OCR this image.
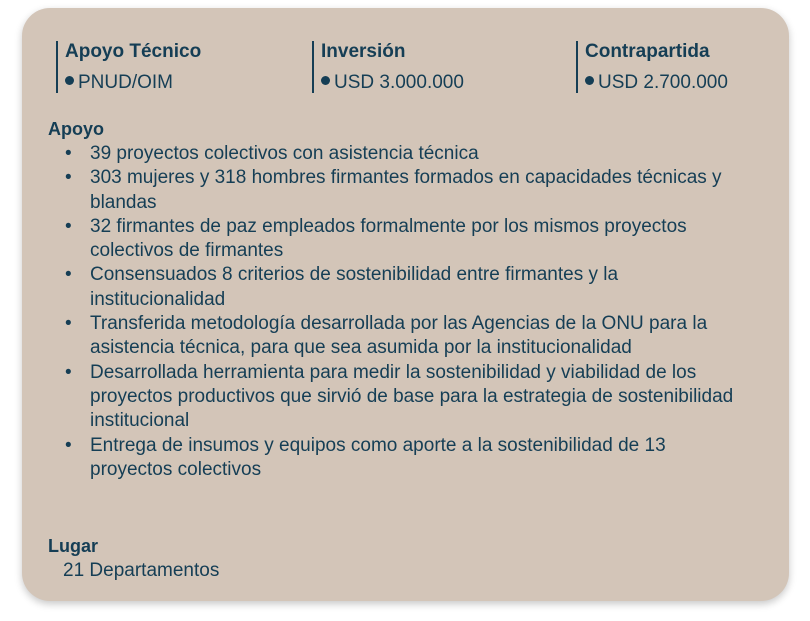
Apoyo Técnico
PNUD/OIM
Inversión
USD 3.000.000
Contrapartida
USD 2.700.000
Apoyo
• 39 proyectos colectivos con asistencia técnica
• 303 mujeres y 318 hombres firmantes formados en capacidades técnicas y blandas
• 32 firmantes de paz empleados formalmente por los mismos proyectos colectivos de firmantes
• Consensuados 8 criterios de sostenibilidad entre firmantes y la institucionalidad
• Transferida metodología desarrollada por las Agencias de la ONU para la asistencia técnica, para que sea asumida por la institucionalidad
• Desarrollada herramienta para medir la sostenibilidad y viabilidad de los proyectos productivos que sirvió de base para la estrategia de sostenibilidad institucional
• Entrega de insumos y equipos como aporte a la sostenibilidad de 13 proyectos colectivos
Lugar
21 Departamentos
